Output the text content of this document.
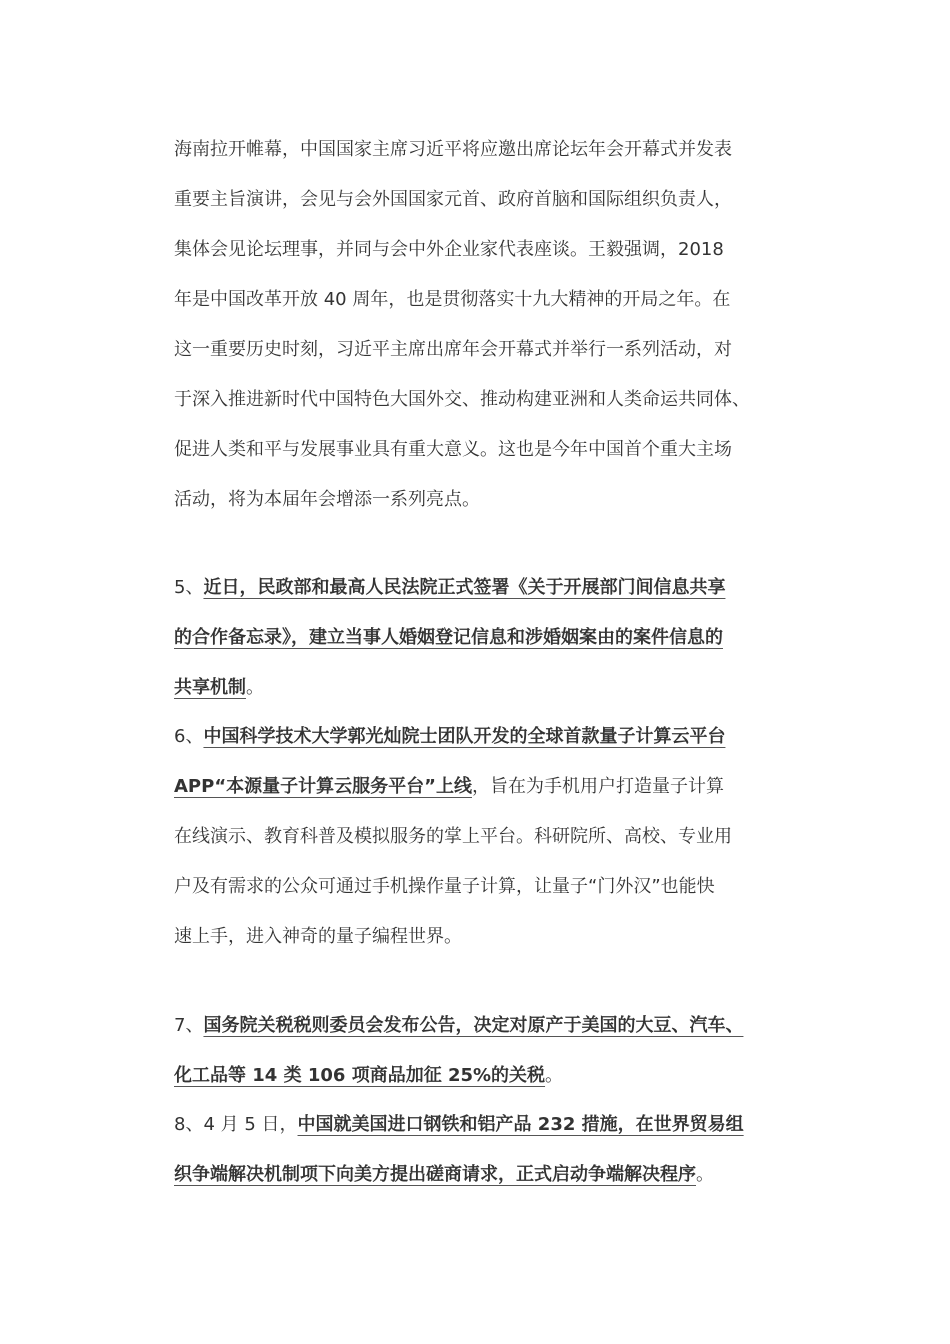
海南拉开帷幕，中国国家主席习近平将应邀出席论坛年会开幕式并发表
重要主旨演讲，会见与会外国国家元首、政府首脑和国际组织负责人，
集体会见论坛理事，并同与会中外企业家代表座谈。王毅强调，2018
年是中国改革开放 40 周年，也是贯彻落实十九大精神的开局之年。在
这一重要历史时刻，习近平主席出席年会开幕式并举行一系列活动，对
于深入推进新时代中国特色大国外交、推动构建亚洲和人类命运共同体、
促进人类和平与发展事业具有重大意义。这也是今年中国首个重大主场
活动，将为本届年会增添一系列亮点。
5、近日，民政部和最高人民法院正式签署《关于开展部门间信息共享
的合作备忘录》，建立当事人婚姻登记信息和涉婚姻案由的案件信息的
共享机制。
6、中国科学技术大学郭光灿院士团队开发的全球首款量子计算云平台
APP“本源量子计算云服务平台”上线，旨在为手机用户打造量子计算
在线演示、教育科普及模拟服务的掌上平台。科研院所、高校、专业用
户及有需求的公众可通过手机操作量子计算，让量子“门外汉”也能快
速上手，进入神奇的量子编程世界。
7、国务院关税税则委员会发布公告，决定对原产于美国的大豆、汽车、
化工品等 14 类 106 项商品加征 25%的关税。
8、4 月 5 日，中国就美国进口钢铁和铝产品 232 措施，在世界贸易组
织争端解决机制项下向美方提出磋商请求，正式启动争端解决程序。
